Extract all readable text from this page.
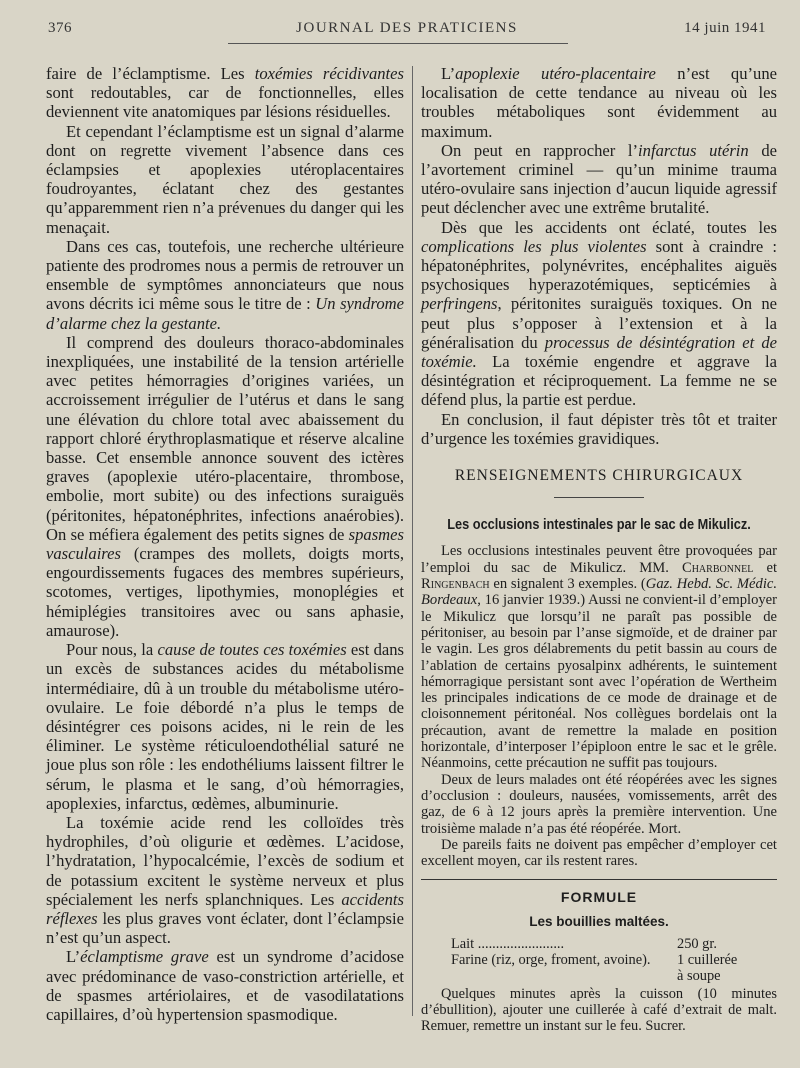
376	JOURNAL DES PRATICIENS	14 juin 1941

faire de l’éclamptisme. Les toxémies récidivantes sont redoutables, car de fonctionnelles, elles deviennent vite anatomiques par lésions résiduelles.

Et cependant l’éclamptisme est un signal d’alarme dont on regrette vivement l’absence dans ces éclampsies et apoplexies utéroplacentaires foudroyantes, éclatant chez des gestantes qu’apparemment rien n’a prévenues du danger qui les menaçait.

Dans ces cas, toutefois, une recherche ultérieure patiente des prodromes nous a permis de retrouver un ensemble de symptômes annonciateurs que nous avons décrits ici même sous le titre de : Un syndrome d’alarme chez la gestante.

Il comprend des douleurs thoraco-abdominales inexpliquées, une instabilité de la tension artérielle avec petites hémorragies d’origines variées, un accroissement irrégulier de l’utérus et dans le sang une élévation du chlore total avec abaissement du rapport chloré érythroplasmatique et réserve alcaline basse. Cet ensemble annonce souvent des ictères graves (apoplexie utéro-placentaire, thrombose, embolie, mort subite) ou des infections suraiguës (péritonites, hépatonéphrites, infections anaérobies). On se méfiera également des petits signes de spasmes vasculaires (crampes des mollets, doigts morts, engourdissements fugaces des membres supérieurs, scotomes, vertiges, lipothymies, monoplégies et hémiplégies transitoires avec ou sans aphasie, amaurose).

Pour nous, la cause de toutes ces toxémies est dans un excès de substances acides du métabolisme intermédiaire, dû à un trouble du métabolisme utéro-ovulaire. Le foie débordé n’a plus le temps de désintégrer ces poisons acides, ni le rein de les éliminer. Le système réticuloendothélial saturé ne joue plus son rôle : les endothéliums laissent filtrer le sérum, le plasma et le sang, d’où hémorragies, apoplexies, infarctus, œdèmes, albuminurie.

La toxémie acide rend les colloïdes très hydrophiles, d’où oligurie et œdèmes. L’acidose, l’hydratation, l’hypocalcémie, l’excès de sodium et de potassium excitent le système nerveux et plus spécialement les nerfs splanchniques. Les accidents réflexes les plus graves vont éclater, dont l’éclampsie n’est qu’un aspect.

L’éclamptisme grave est un syndrome d’acidose avec prédominance de vaso-constriction artérielle, et de spasmes artériolaires, et de vasodilatations capillaires, d’où hypertension spasmodique.

L’apoplexie utéro-placentaire n’est qu’une localisation de cette tendance au niveau où les troubles métaboliques sont évidemment au maximum.

On peut en rapprocher l’infarctus utérin de l’avortement criminel — qu’un minime traumа utéro-ovulaire sans injection d’aucun liquide agressif peut déclencher avec une extrême brutalité.

Dès que les accidents ont éclaté, toutes les complications les plus violentes sont à craindre : hépatonéphrites, polynévrites, encéphalites aiguës psychosiques hyperazotémiques, septicémies à perfringens, péritonites suraiguës toxiques. On ne peut plus s’opposer à l’extension et à la généralisation du processus de désintégration et de toxémie. La toxémie engendre et aggrave la désintégration et réciproquement. La femme ne se défend plus, la partie est perdue.

En conclusion, il faut dépister très tôt et traiter d’urgence les toxémies gravidiques.

RENSEIGNEMENTS CHIRURGICAUX
Les occlusions intestinales par le sac de Mikulicz.

Les occlusions intestinales peuvent être provoquées par l’emploi du sac de Mikulicz. MM. Charbonnel et Ringenbach en signalent 3 exemples. (Gaz. Hebd. Sc. Médic. Bordeaux, 16 janvier 1939.) Aussi ne convient-il d’employer le Mikulicz que lorsqu’il ne paraît pas possible de péritoniser, au besoin par l’anse sigmoïde, et de drainer par le vagin. Les gros délabrements du petit bassin au cours de l’ablation de certains pyosalpinx adhérents, le suintement hémorragique persistant sont avec l’opération de Wertheim les principales indications de ce mode de drainage et de cloisonnement péritonéal. Nos collègues bordelais ont la précaution, avant de remettre la malade en position horizontale, d’interposer l’épiploon entre le sac et le grêle. Néanmoins, cette précaution ne suffit pas toujours.

Deux de leurs malades ont été réopérées avec les signes d’occlusion : douleurs, nausées, vomissements, arrêt des gaz, de 6 à 12 jours après la première intervention. Une troisième malade n’a pas été réopérée. Mort.

De pareils faits ne doivent pas empêcher d’employer cet excellent moyen, car ils restent rares.

FORMULE
Les bouillies maltées.
Lait ........................	250 gr.
Farine (riz, orge, froment, avoine). 1 cuillerée
à soupe

Quelques minutes après la cuisson (10 minutes d’ébullition), ajouter une cuillerée à café d’extrait de malt. Remuer, remettre un instant sur le feu. Sucrer.
